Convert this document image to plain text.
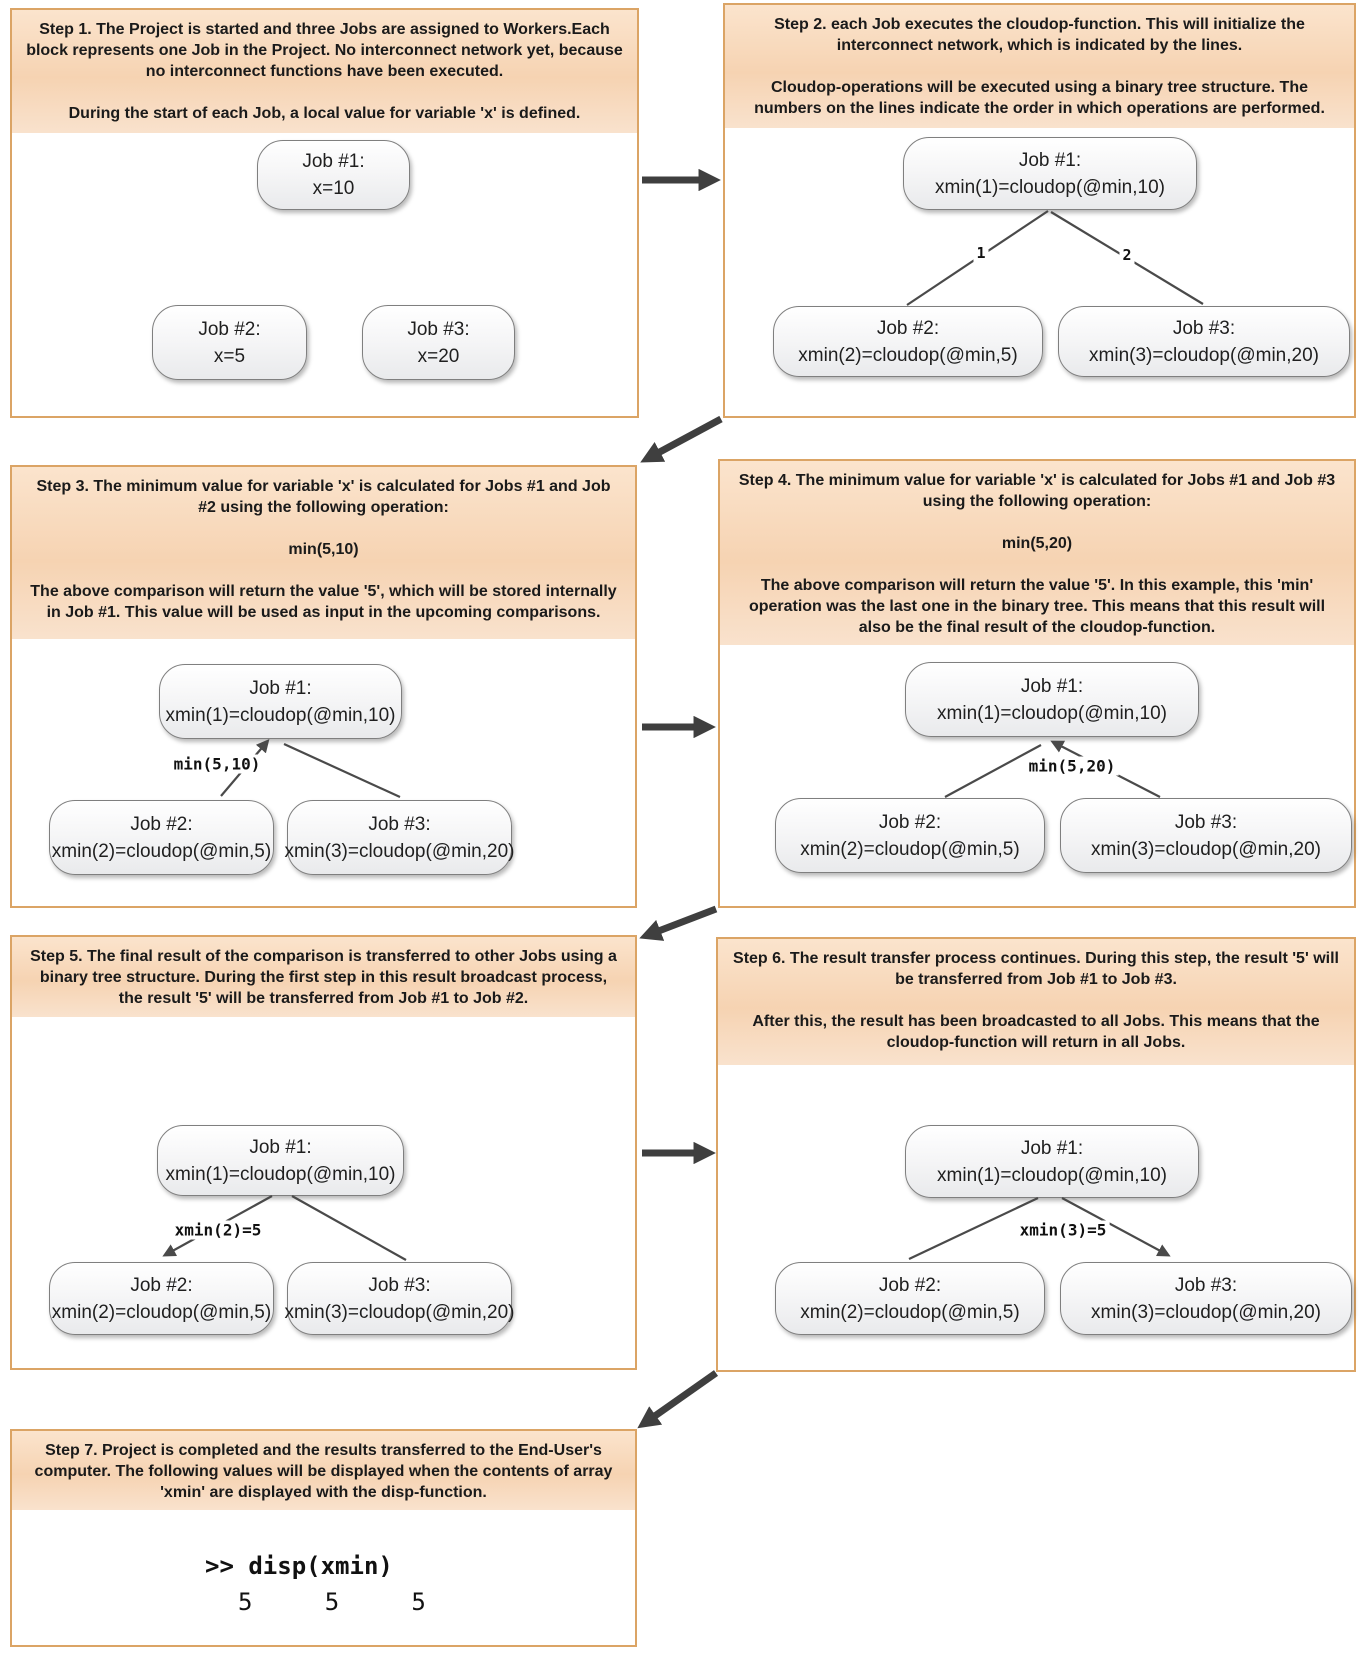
Step 1. The Project is started and three Jobs are assigned to Workers.Each block represents one Job in the Project. No interconnect network yet, because no interconnect functions have been executed.

During the start of each Job, a local value for variable 'x' is defined.

Job #1:
x=10
Job #2:
x=5
Job #3:
x=20

Step 2. each Job executes the cloudop-function. This will initialize the interconnect network, which is indicated by the lines.

Cloudop-operations will be executed using a binary tree structure. The numbers on the lines indicate the order in which operations are performed.

Job #1:
xmin(1)=cloudop(@min,10)
Job #2:
xmin(2)=cloudop(@min,5)
Job #3:
xmin(3)=cloudop(@min,20)

Step 3. The minimum value for variable 'x' is calculated for Jobs #1 and Job #2 using the following operation:

min(5,10)

The above comparison will return the value '5', which will be stored internally in Job #1. This value will be used as input in the upcoming comparisons.

Job #1:
xmin(1)=cloudop(@min,10)
Job #2:
xmin(2)=cloudop(@min,5)
Job #3:
xmin(3)=cloudop(@min,20)

Step 4. The minimum value for variable 'x' is calculated for Jobs #1 and Job #3 using the following operation:

min(5,20)

The above comparison will return the value '5'. In this example, this 'min' operation was the last one in the binary tree. This means that this result will also be the final result of the cloudop-function.

Job #1:
xmin(1)=cloudop(@min,10)
Job #2:
xmin(2)=cloudop(@min,5)
Job #3:
xmin(3)=cloudop(@min,20)

Step 5. The final result of the comparison is transferred to other Jobs using a binary tree structure. During the first step in this result broadcast process, the result '5' will be transferred from Job #1 to Job #2.

Job #1:
xmin(1)=cloudop(@min,10)
Job #2:
xmin(2)=cloudop(@min,5)
Job #3:
xmin(3)=cloudop(@min,20)

Step 6. The result transfer process continues. During this step, the result '5' will be transferred from Job #1 to Job #3.

After this, the result has been broadcasted to all Jobs. This means that the cloudop-function will return in all Jobs.

Job #1:
xmin(1)=cloudop(@min,10)
Job #2:
xmin(2)=cloudop(@min,5)
Job #3:
xmin(3)=cloudop(@min,20)

Step 7. Project is completed and the results transferred to the End-User's computer. The following values will be displayed when the contents of array 'xmin' are displayed with the disp-function.

>> disp(xmin)
5     5     5
1	2
min(5,10)	min(5,20)
xmin(2)=5	xmin(3)=5
